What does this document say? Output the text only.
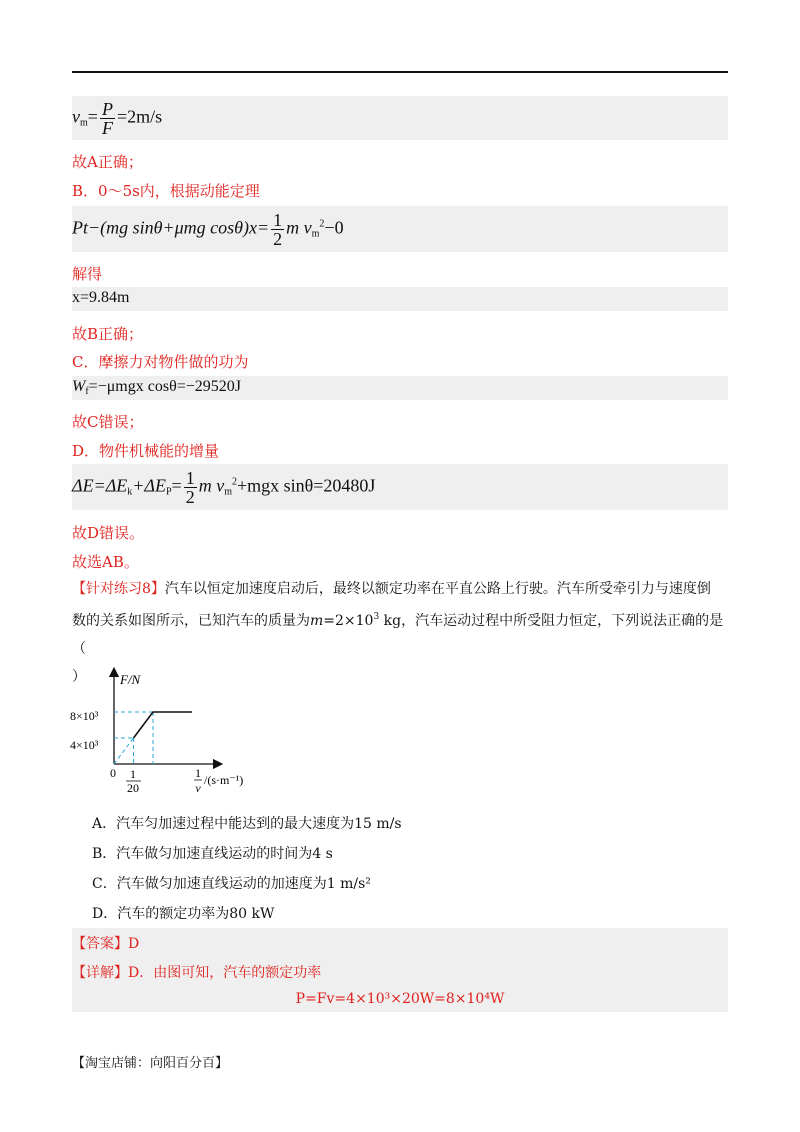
$v_m= \frac{P}{F} =2m/s$
故A正确；
B．0～5s内，根据动能定理
Pt−(mg sinθ+μmg $\cos\theta)x= \frac{1}{2}$ m $v_m^2-0$
解得
x=9.84m
故B正确；
C．摩擦力对物件做的功为
$W_f=-\mu mgx$ cosθ=−29520J
故C错误；
D．物件机械能的增量
$\Delta E=\Delta E_k+\Delta E_P= \frac{1}{2}$ m $v_m^2+mgx$ sinθ=20480J
故D错误。
故选AB。
【针对练习8】汽车以恒定加速度启动后，最终以额定功率在平直公路上行驶。汽车所受牵引力与速度倒
数的关系如图所示，已知汽车的质量为$m=2\times 10^3$ kg，汽车运动过程中所受阻力恒定，下列说法正确的是（
）	F/N
8×10³
4×10³
0 1
20
1
v
/(s·m⁻¹)
A．汽车匀加速过程中能达到的最大速度为15 m/s
B．汽车做匀加速直线运动的时间为4 s
C．汽车做匀加速直线运动的加速度为1 m/s²
D．汽车的额定功率为80 kW
【答案】D
【详解】D．由图可知，汽车的额定功率
P=Fv=4×10³×20W=8×10⁴W
【淘宝店铺：向阳百分百】
